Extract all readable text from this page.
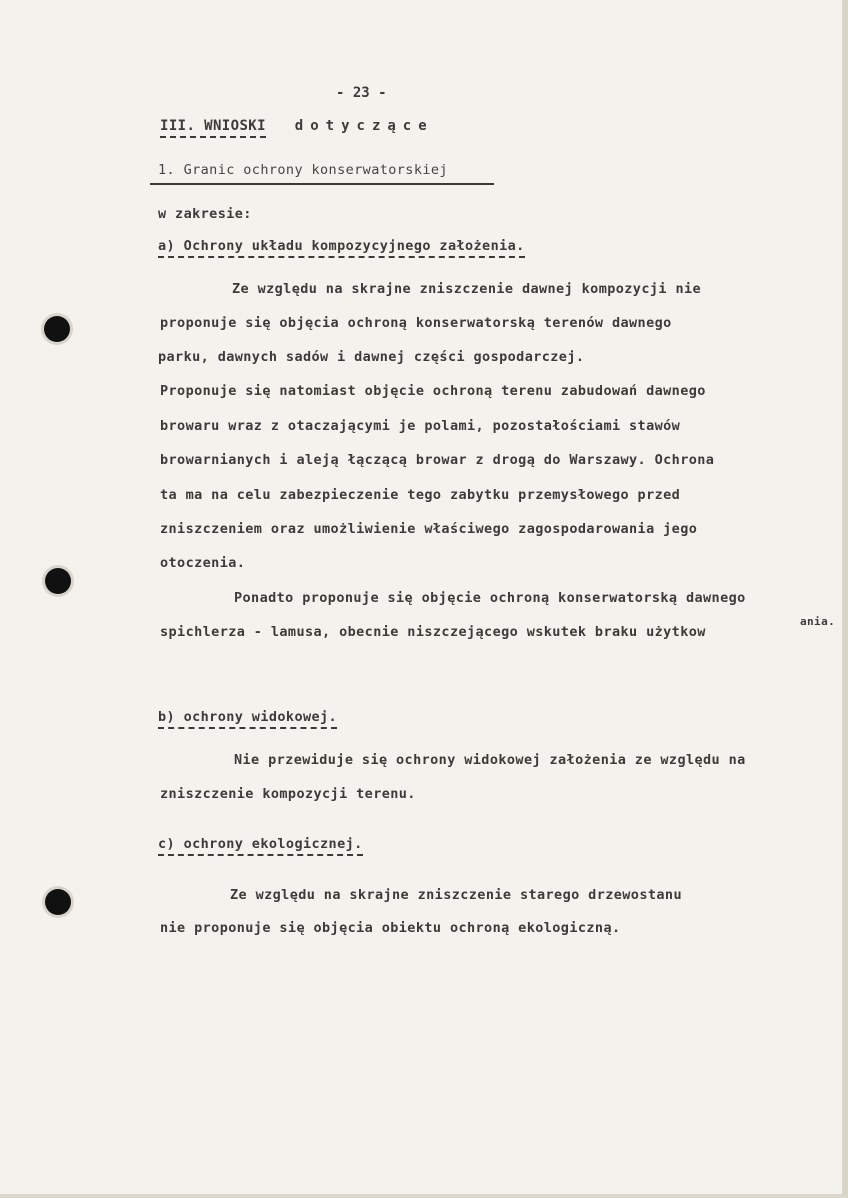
- 23 -
III. WNIOSKI dotyczące
1. Granic ochrony konserwatorskiej
w zakresie:
a) Ochrony układu kompozycyjnego założenia.
Ze względu na skrajne zniszczenie dawnej kompozycji nie
proponuje się objęcia ochroną konserwatorską terenów dawnego
parku, dawnych sadów i dawnej części gospodarczej.
Proponuje się natomiast objęcie ochroną terenu zabudowań dawnego
browaru wraz z otaczającymi je polami, pozostałościami stawów
browarnianych i aleją łączącą browar z drogą do Warszawy. Ochrona
ta ma na celu zabezpieczenie tego zabytku przemysłowego przed
zniszczeniem oraz umożliwienie właściwego zagospodarowania jego
otoczenia.
Ponadto proponuje się objęcie ochroną konserwatorską dawnego
spichlerza - lamusa, obecnie niszczejącego wskutek braku użytkow
ania.
b) ochrony widokowej.
Nie przewiduje się ochrony widokowej założenia ze względu na
zniszczenie kompozycji terenu.
c) ochrony ekologicznej.
Ze względu na skrajne zniszczenie starego drzewostanu
nie proponuje się objęcia obiektu ochroną ekologiczną.
